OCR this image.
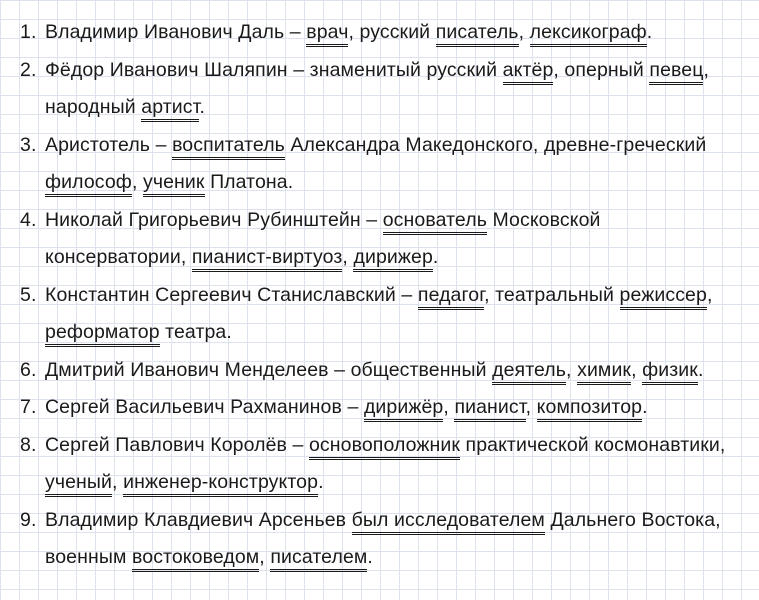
1. Владимир Иванович Даль – врач, русский писатель, лексикограф.
2. Фёдор Иванович Шаляпин – знаменитый русский актёр, оперный певец, народный артист.
3. Аристотель – воспитатель Александра Македонского, древне-греческий философ, ученик Платона.
4. Николай Григорьевич Рубинштейн – основатель Московской консерватории, пианист-виртуоз, дирижер.
5. Константин Сергеевич Станиславский – педагог, театральный режиссер, реформатор театра.
6. Дмитрий Иванович Менделеев – общественный деятель, химик, физик.
7. Сергей Васильевич Рахманинов – дирижёр, пианист, композитор.
8. Сергей Павлович Королёв – основоположник практической космонавтики, ученый, инженер-конструктор.
9. Владимир Клавдиевич Арсеньев был исследователем Дальнего Востока, военным востоковедом, писателем.
